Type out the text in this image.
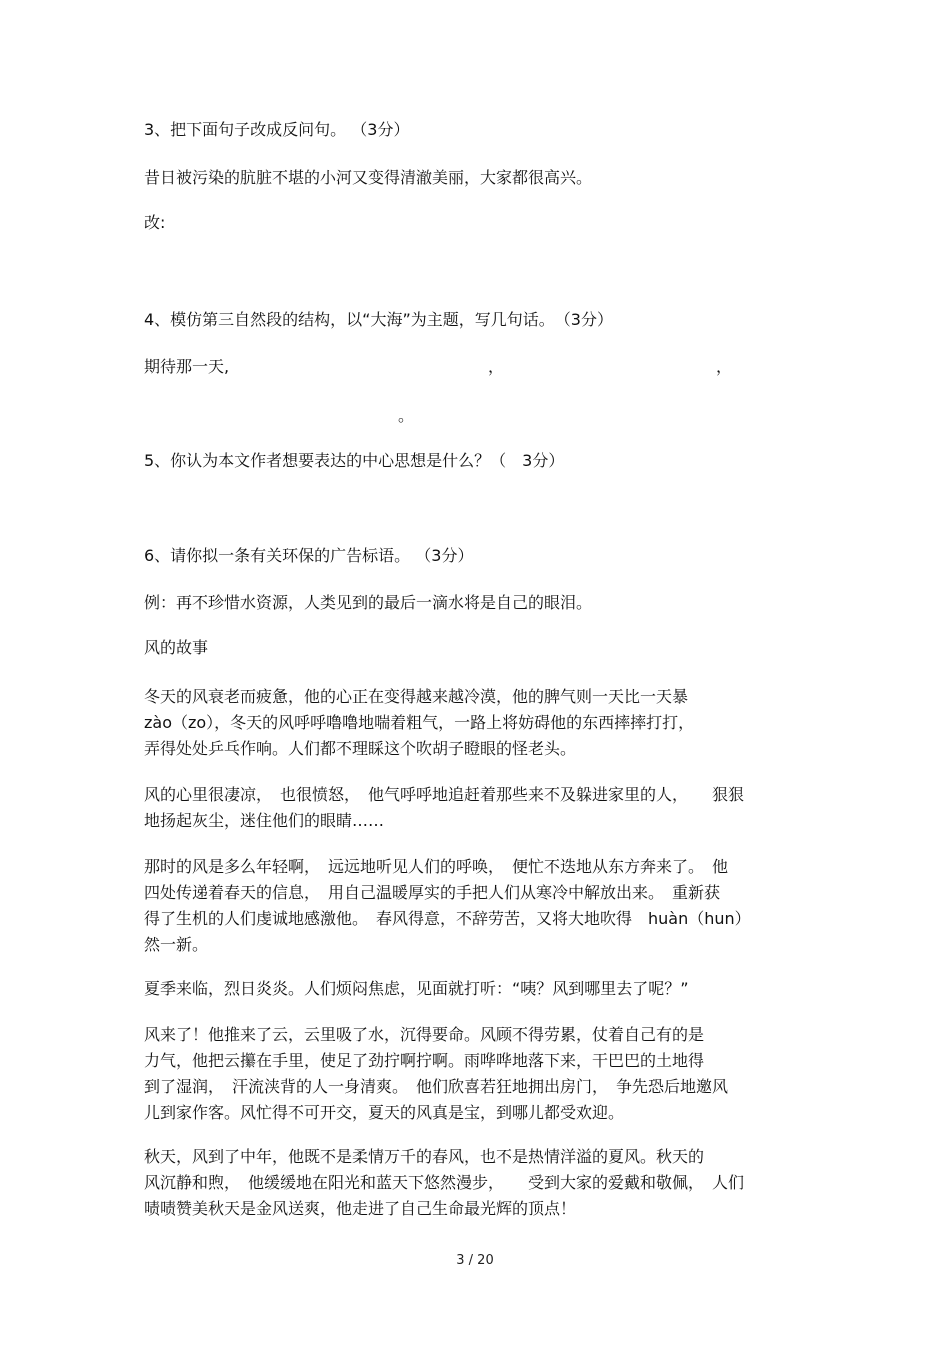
3、把下面句子改成反问句。 （3分）

昔日被污染的肮脏不堪的小河又变得清澈美丽，大家都很高兴。

改:

4、模仿第三自然段的结构，以“大海”为主题，写几句话。　（3分）

期待那一天,	，	，
。

5、你认为本文作者想要表达的中心思想是什么？（　3分）

6、请你拟一条有关环保的广告标语。 （3分）

例：再不珍惜水资源，人类见到的最后一滴水将是自己的眼泪。

风的故事

冬天的风衰老而疲惫，他的心正在变得越来越冷漠，他的脾气则一天比一天暴
zào（zo），冬天的风呼呼噜噜地喘着粗气，一路上将妨碍他的东西摔摔打打，
弄得处处乒乓作响。人们都不理睬这个吹胡子瞪眼的怪老头。
风的心里很凄凉，　也很愤怒，　他气呼呼地追赶着那些来不及躲进家里的人，　　狠狠
地扬起灰尘，迷住他们的眼睛……
那时的风是多么年轻啊，　远远地听见人们的呼唤，　便忙不迭地从东方奔来了。　他
四处传递着春天的信息，　用自己温暖厚实的手把人们从寒冷中解放出来。　重新获
得了生机的人们虔诚地感激他。　春风得意，不辞劳苦，又将大地吹得　huàn（hun）
然一新。
夏季来临，烈日炎炎。人们烦闷焦虑，见面就打听：“咦？风到哪里去了呢？”
风来了！他推来了云，云里吸了水，沉得要命。风顾不得劳累，仗着自己有的是
力气，他把云攥在手里，使足了劲拧啊拧啊。雨哗哗地落下来，干巴巴的土地得
到了湿润，　汗流浃背的人一身清爽。　他们欣喜若狂地拥出房门，　争先恐后地邀风
儿到家作客。风忙得不可开交，夏天的风真是宝，到哪儿都受欢迎。
秋天，风到了中年，他既不是柔情万千的春风，也不是热情洋溢的夏风。秋天的
风沉静和煦，　他缓缓地在阳光和蓝天下悠然漫步，　　受到大家的爱戴和敬佩，　人们
啧啧赞美秋天是金风送爽，他走进了自己生命最光辉的顶点！
3 / 20
